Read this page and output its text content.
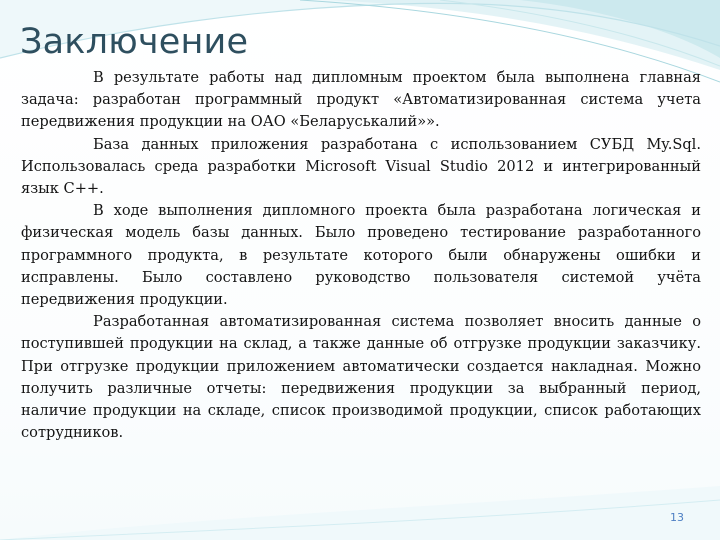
Заключение

В результате работы над дипломным проектом была выполнена главная задача: разработан программный продукт «Автоматизированная система учета передвижения продукции на ОАО «Беларуськалий»».

База данных приложения разработана с использованием СУБД My.Sql. Использовалась среда разработки Microsoft Visual Studio 2012 и интегрированный язык С++.

В ходе выполнения дипломного проекта была разработана логическая и физическая модель базы данных. Было проведено тестирование разработанного программного продукта, в результате которого были обнаружены ошибки и исправлены. Было составлено руководство пользователя системой учёта передвижения продукции.

Разработанная автоматизированная система позволяет вносить данные о поступившей продукции на склад, а также данные об отгрузке продукции заказчику. При отгрузке продукции приложением автоматически создается накладная. Можно получить различные отчеты: передвижения продукции за выбранный период, наличие продукции на складе, список производимой продукции, список работающих сотрудников.

13
